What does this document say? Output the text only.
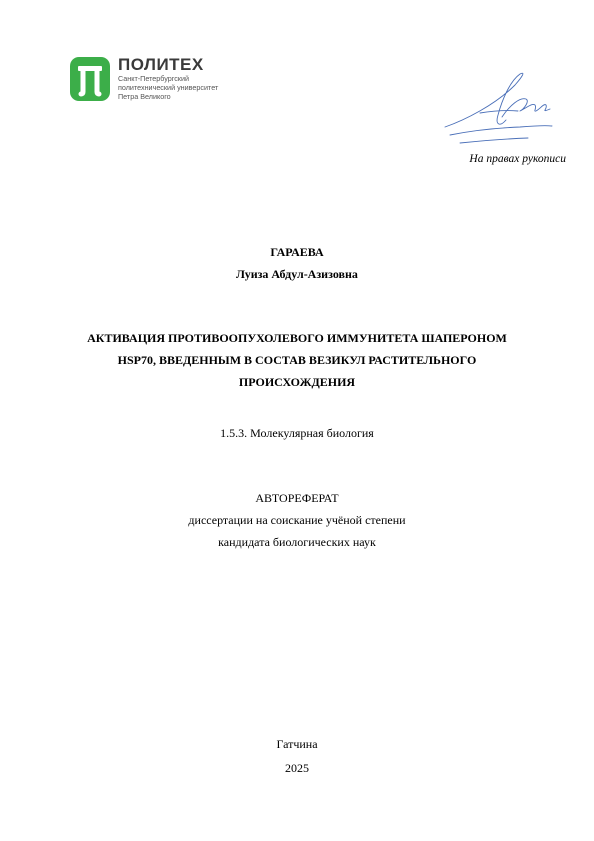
ПОЛИТЕХ
Санкт-Петербургский
политехнический университет
Петра Великого
На правах рукописи
ГАРАЕВА
Луиза Абдул-Азизовна
АКТИВАЦИЯ ПРОТИВООПУХОЛЕВОГО ИММУНИТЕТА ШАПЕРОНОМ
HSP70, ВВЕДЕННЫМ В СОСТАВ ВЕЗИКУЛ РАСТИТЕЛЬНОГО
ПРОИСХОЖДЕНИЯ
1.5.3. Молекулярная биология
АВТОРЕФЕРАТ
диссертации на соискание учёной степени
кандидата биологических наук
Гатчина
2025
